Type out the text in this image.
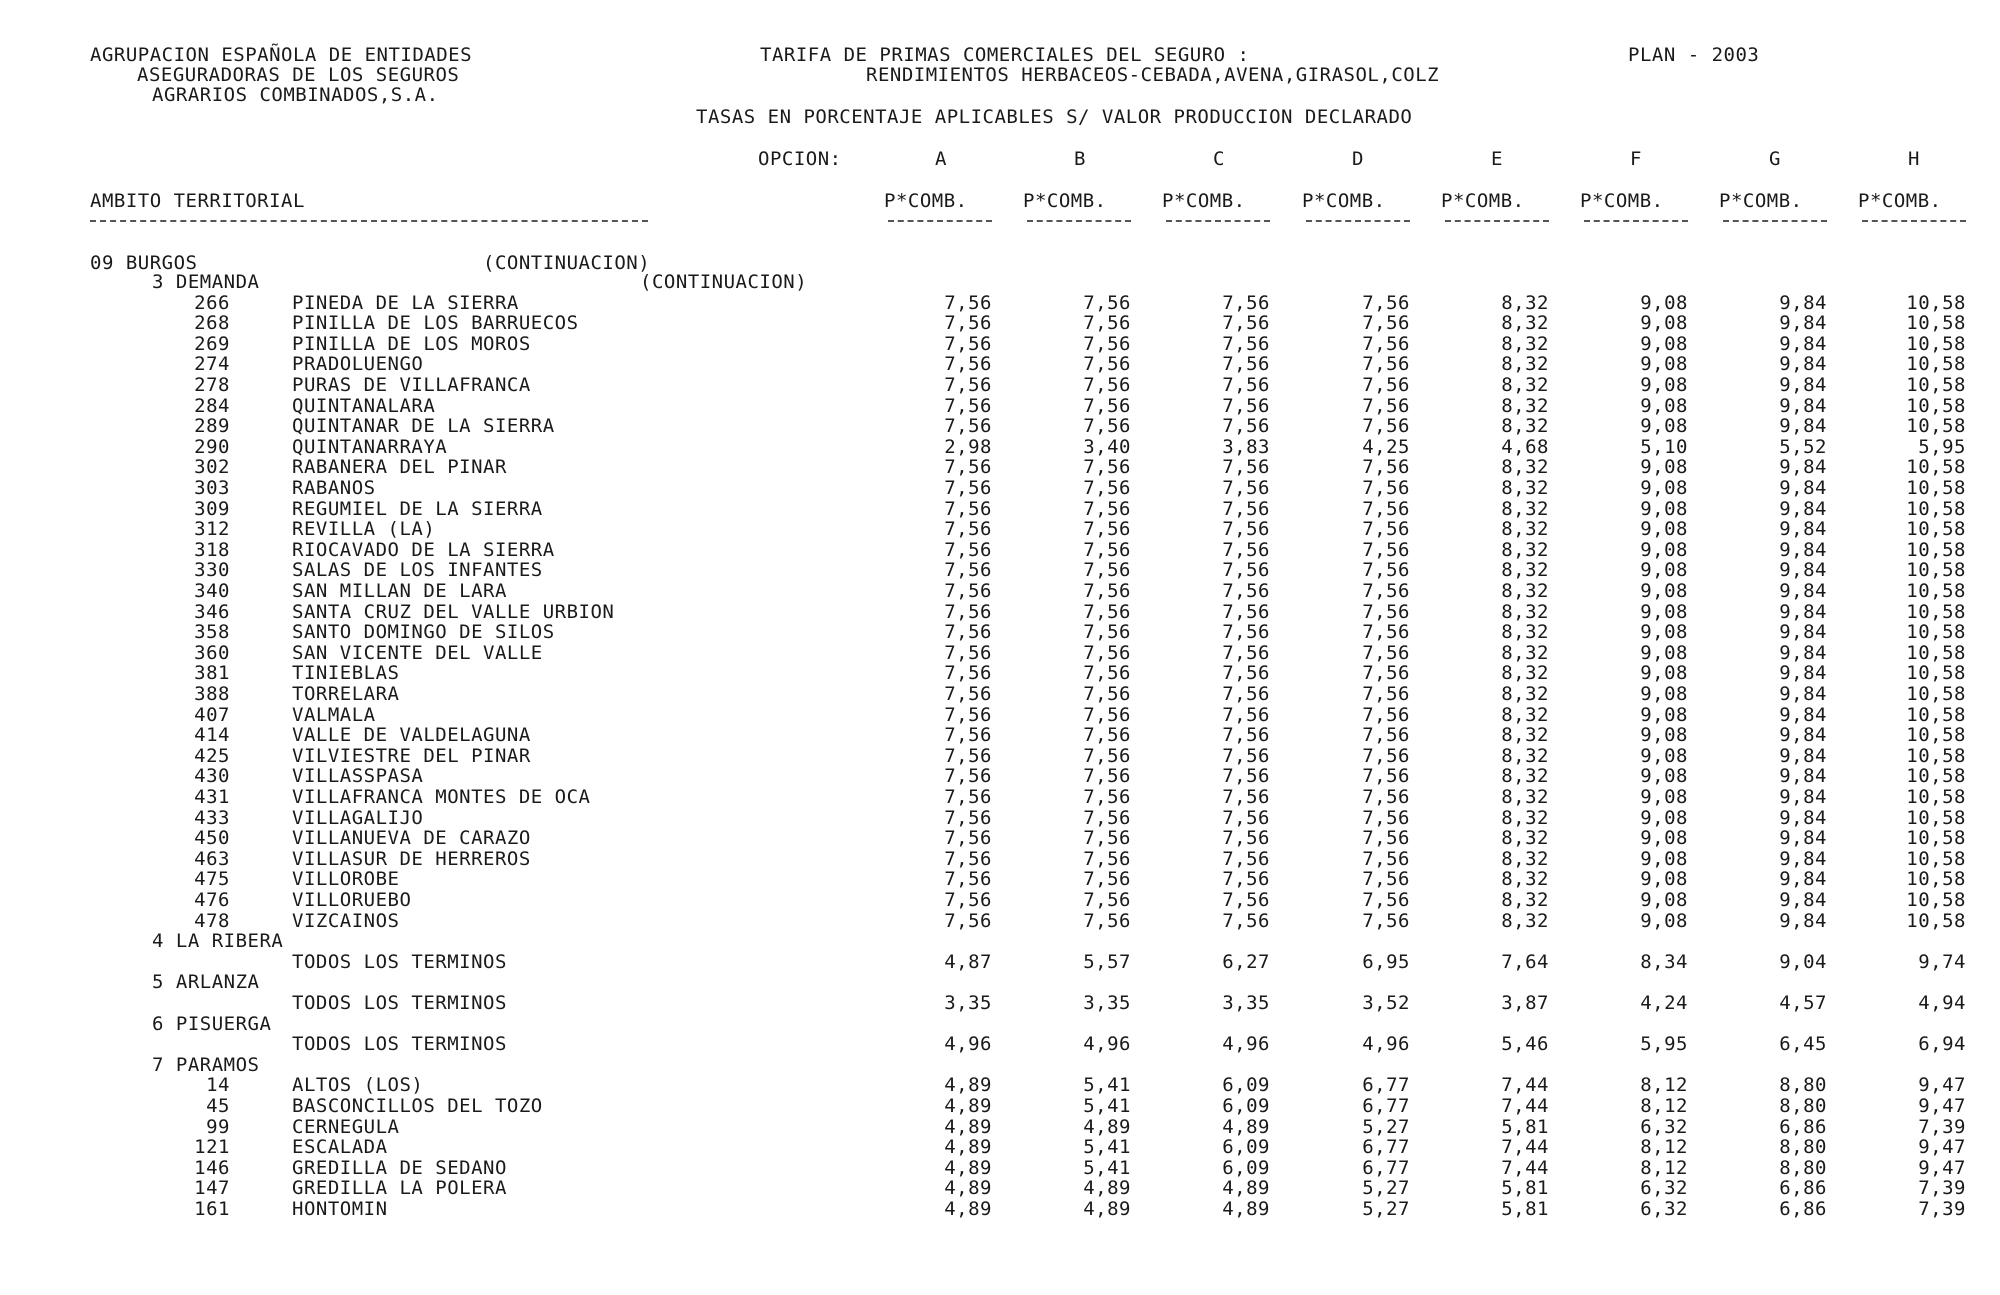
AGRUPACION ESPAÑOLA DE ENTIDADES
ASEGURADORAS DE LOS SEGUROS
AGRARIOS COMBINADOS,S.A.
TARIFA DE PRIMAS COMERCIALES DEL SEGURO :	PLAN - 2003
RENDIMIENTOS HERBACEOS-CEBADA,AVENA,GIRASOL,COLZ
TASAS EN PORCENTAJE APLICABLES S/ VALOR PRODUCCION DECLARADO
OPCION:	A	B	C	D	E	F	G	H
AMBITO TERRITORIAL	P*COMB.	P*COMB.	P*COMB.	P*COMB.	P*COMB.	P*COMB.	P*COMB.	P*COMB.
09 BURGOS	(CONTINUACION)
3 DEMANDA	(CONTINUACION)
266	PINEDA DE LA SIERRA	7,56	7,56	7,56	7,56	8,32	9,08	9,84	10,58
268	PINILLA DE LOS BARRUECOS	7,56	7,56	7,56	7,56	8,32	9,08	9,84	10,58
269	PINILLA DE LOS MOROS	7,56	7,56	7,56	7,56	8,32	9,08	9,84	10,58
274	PRADOLUENGO	7,56	7,56	7,56	7,56	8,32	9,08	9,84	10,58
278	PURAS DE VILLAFRANCA	7,56	7,56	7,56	7,56	8,32	9,08	9,84	10,58
284	QUINTANALARA	7,56	7,56	7,56	7,56	8,32	9,08	9,84	10,58
289	QUINTANAR DE LA SIERRA	7,56	7,56	7,56	7,56	8,32	9,08	9,84	10,58
290	QUINTANARRAYA	2,98	3,40	3,83	4,25	4,68	5,10	5,52	5,95
302	RABANERA DEL PINAR	7,56	7,56	7,56	7,56	8,32	9,08	9,84	10,58
303	RABANOS	7,56	7,56	7,56	7,56	8,32	9,08	9,84	10,58
309	REGUMIEL DE LA SIERRA	7,56	7,56	7,56	7,56	8,32	9,08	9,84	10,58
312	REVILLA (LA)	7,56	7,56	7,56	7,56	8,32	9,08	9,84	10,58
318	RIOCAVADO DE LA SIERRA	7,56	7,56	7,56	7,56	8,32	9,08	9,84	10,58
330	SALAS DE LOS INFANTES	7,56	7,56	7,56	7,56	8,32	9,08	9,84	10,58
340	SAN MILLAN DE LARA	7,56	7,56	7,56	7,56	8,32	9,08	9,84	10,58
346	SANTA CRUZ DEL VALLE URBION	7,56	7,56	7,56	7,56	8,32	9,08	9,84	10,58
358	SANTO DOMINGO DE SILOS	7,56	7,56	7,56	7,56	8,32	9,08	9,84	10,58
360	SAN VICENTE DEL VALLE	7,56	7,56	7,56	7,56	8,32	9,08	9,84	10,58
381	TINIEBLAS	7,56	7,56	7,56	7,56	8,32	9,08	9,84	10,58
388	TORRELARA	7,56	7,56	7,56	7,56	8,32	9,08	9,84	10,58
407	VALMALA	7,56	7,56	7,56	7,56	8,32	9,08	9,84	10,58
414	VALLE DE VALDELAGUNA	7,56	7,56	7,56	7,56	8,32	9,08	9,84	10,58
425	VILVIESTRE DEL PINAR	7,56	7,56	7,56	7,56	8,32	9,08	9,84	10,58
430	VILLASSPASA	7,56	7,56	7,56	7,56	8,32	9,08	9,84	10,58
431	VILLAFRANCA MONTES DE OCA	7,56	7,56	7,56	7,56	8,32	9,08	9,84	10,58
433	VILLAGALIJO	7,56	7,56	7,56	7,56	8,32	9,08	9,84	10,58
450	VILLANUEVA DE CARAZO	7,56	7,56	7,56	7,56	8,32	9,08	9,84	10,58
463	VILLASUR DE HERREROS	7,56	7,56	7,56	7,56	8,32	9,08	9,84	10,58
475	VILLOROBE	7,56	7,56	7,56	7,56	8,32	9,08	9,84	10,58
476	VILLORUEBO	7,56	7,56	7,56	7,56	8,32	9,08	9,84	10,58
478	VIZCAINOS	7,56	7,56	7,56	7,56	8,32	9,08	9,84	10,58
4 LA RIBERA
TODOS LOS TERMINOS	4,87	5,57	6,27	6,95	7,64	8,34	9,04	9,74
5 ARLANZA
TODOS LOS TERMINOS	3,35	3,35	3,35	3,52	3,87	4,24	4,57	4,94
6 PISUERGA
TODOS LOS TERMINOS	4,96	4,96	4,96	4,96	5,46	5,95	6,45	6,94
7 PARAMOS
14	ALTOS (LOS)	4,89	5,41	6,09	6,77	7,44	8,12	8,80	9,47
45	BASCONCILLOS DEL TOZO	4,89	5,41	6,09	6,77	7,44	8,12	8,80	9,47
99	CERNEGULA	4,89	4,89	4,89	5,27	5,81	6,32	6,86	7,39
121	ESCALADA	4,89	5,41	6,09	6,77	7,44	8,12	8,80	9,47
146	GREDILLA DE SEDANO	4,89	5,41	6,09	6,77	7,44	8,12	8,80	9,47
147	GREDILLA LA POLERA	4,89	4,89	4,89	5,27	5,81	6,32	6,86	7,39
161	HONTOMIN	4,89	4,89	4,89	5,27	5,81	6,32	6,86	7,39
